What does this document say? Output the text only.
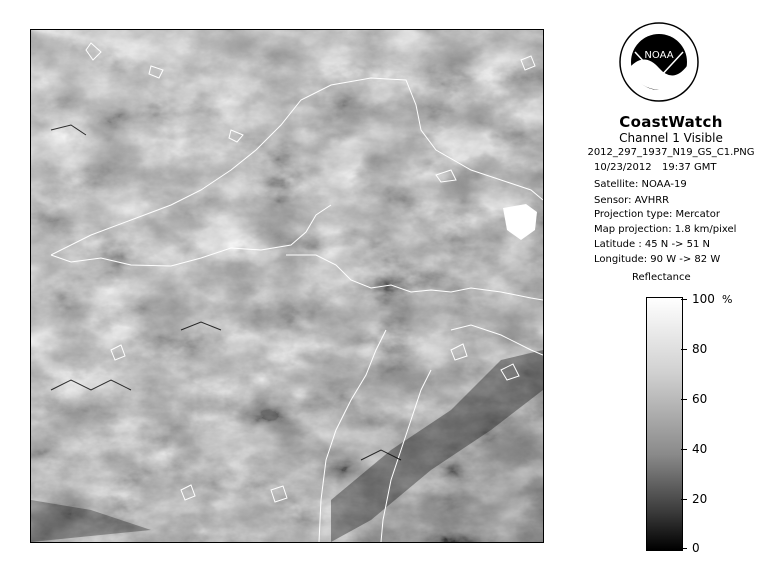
NOAA
CoastWatch
Channel 1 Visible
2012_297_1937_N19_GS_C1.PNG
10/23/2012 19:37 GMT
Satellite: NOAA-19
Sensor: AVHRR
Projection type: Mercator
Map projection: 1.8 km/pixel
Latitude : 45 N -> 51 N
Longitude: 90 W -> 82 W
Reflectance
%
100
80
60
40
20
0
